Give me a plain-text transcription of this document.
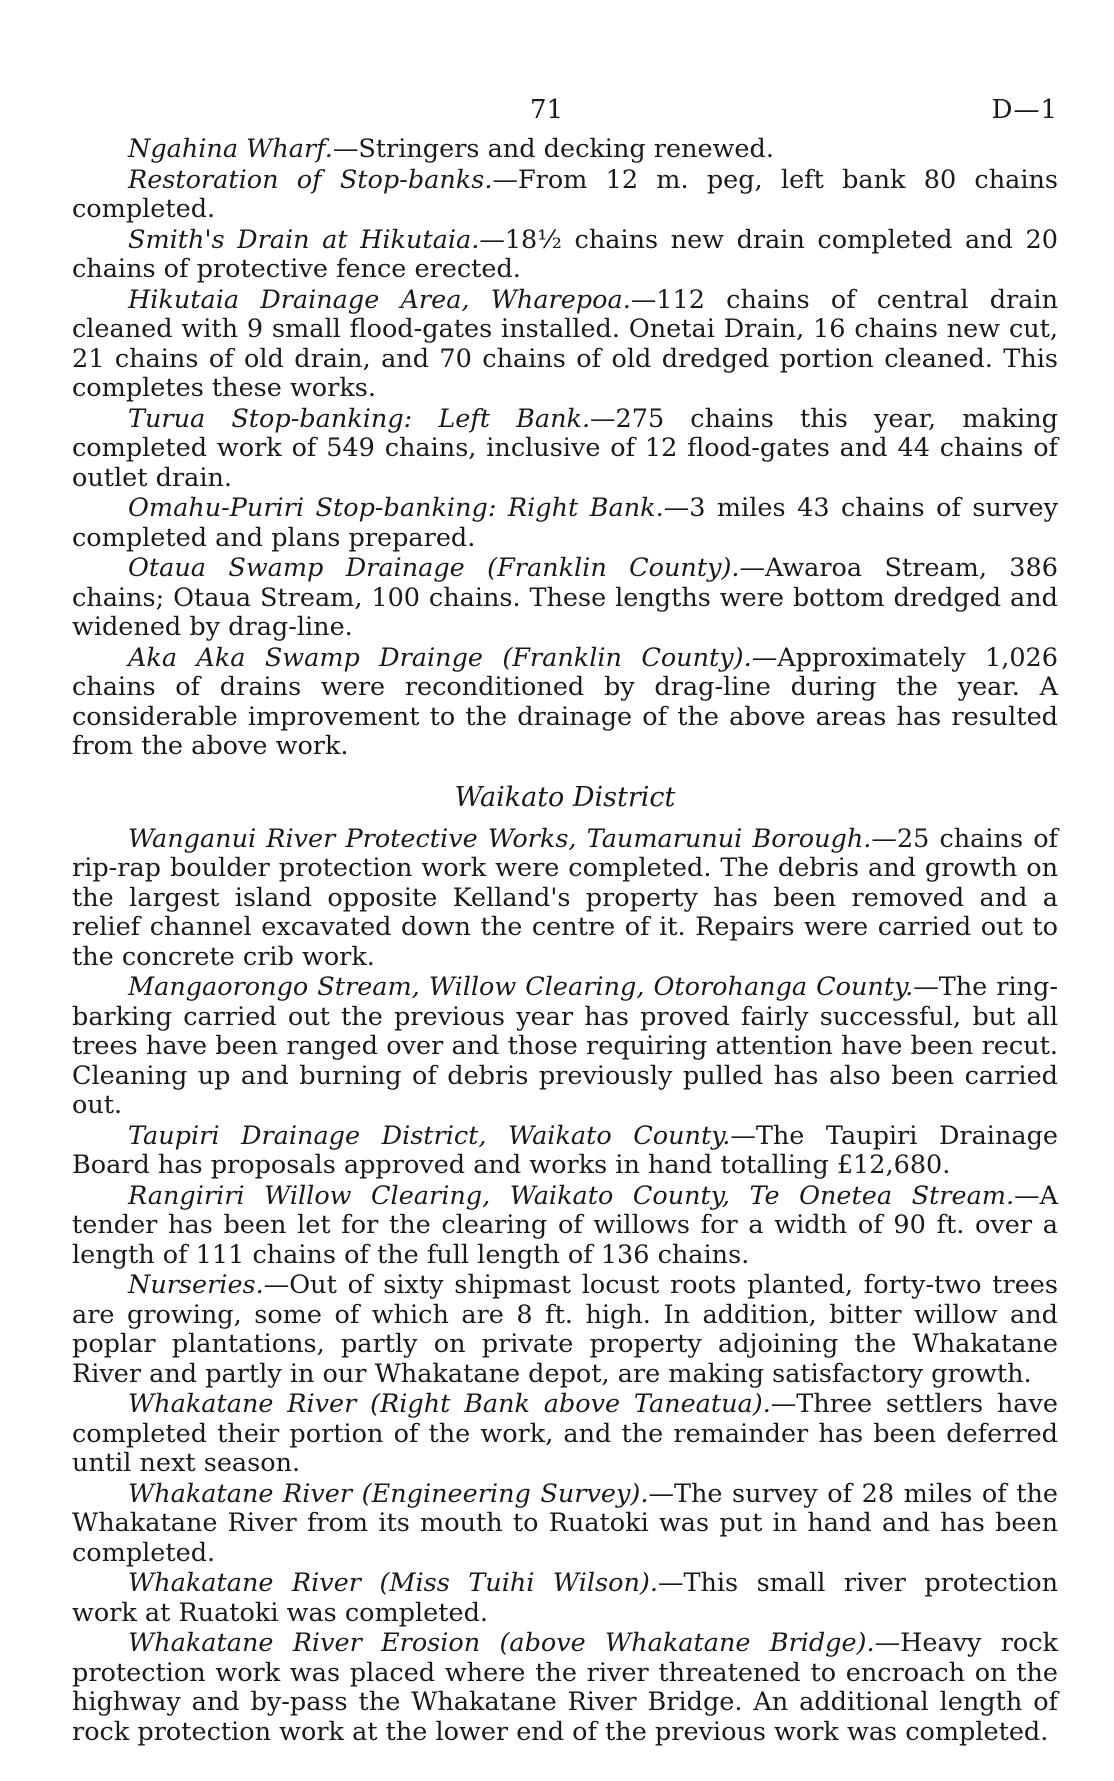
71	D—1

Ngahina Wharf.—Stringers and decking renewed.

Restoration of Stop-banks.—From 12 m. peg, left bank 80 chains completed.

Smith's Drain at Hikutaia.—18½ chains new drain completed and 20 chains of protective fence erected.

Hikutaia Drainage Area, Wharepoa.—112 chains of central drain cleaned with 9 small flood-gates installed. Onetai Drain, 16 chains new cut, 21 chains of old drain, and 70 chains of old dredged portion cleaned. This completes these works.

Turua Stop-banking: Left Bank.—275 chains this year, making completed work of 549 chains, inclusive of 12 flood-gates and 44 chains of outlet drain.

Omahu-Puriri Stop-banking: Right Bank.—3 miles 43 chains of survey completed and plans prepared.

Otaua Swamp Drainage (Franklin County).—Awaroa Stream, 386 chains; Otaua Stream, 100 chains. These lengths were bottom dredged and widened by drag-line.

Aka Aka Swamp Drainge (Franklin County).—Approximately 1,026 chains of drains were reconditioned by drag-line during the year. A considerable improvement to the drainage of the above areas has resulted from the above work.

Waikato District

Wanganui River Protective Works, Taumarunui Borough.—25 chains of rip-rap boulder protection work were completed. The debris and growth on the largest island opposite Kelland's property has been removed and a relief channel excavated down the centre of it. Repairs were carried out to the concrete crib work.

Mangaorongo Stream, Willow Clearing, Otorohanga County.—The ring-barking carried out the previous year has proved fairly successful, but all trees have been ranged over and those requiring attention have been recut. Cleaning up and burning of debris previously pulled has also been carried out.

Taupiri Drainage District, Waikato County.—The Taupiri Drainage Board has proposals approved and works in hand totalling £12,680.

Rangiriri Willow Clearing, Waikato County, Te Onetea Stream.—A tender has been let for the clearing of willows for a width of 90 ft. over a length of 111 chains of the full length of 136 chains.

Nurseries.—Out of sixty shipmast locust roots planted, forty-two trees are growing, some of which are 8 ft. high. In addition, bitter willow and poplar plantations, partly on private property adjoining the Whakatane River and partly in our Whakatane depot, are making satisfactory growth.

Whakatane River (Right Bank above Taneatua).—Three settlers have completed their portion of the work, and the remainder has been deferred until next season.

Whakatane River (Engineering Survey).—The survey of 28 miles of the Whakatane River from its mouth to Ruatoki was put in hand and has been completed.

Whakatane River (Miss Tuihi Wilson).—This small river protection work at Ruatoki was completed.

Whakatane River Erosion (above Whakatane Bridge).—Heavy rock protection work was placed where the river threatened to encroach on the highway and by-pass the Whakatane River Bridge. An additional length of rock protection work at the lower end of the previous work was completed.
